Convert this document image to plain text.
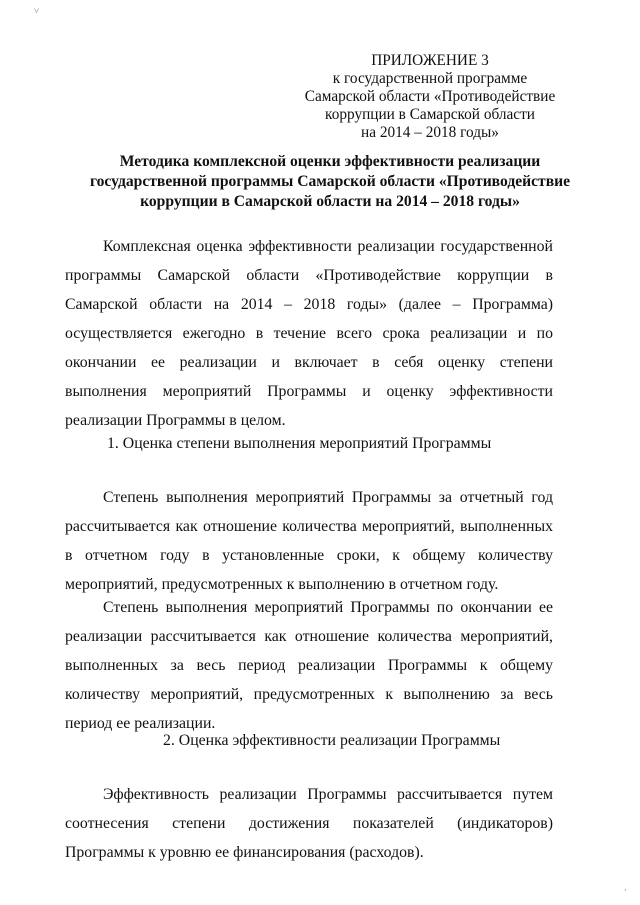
˅
ПРИЛОЖЕНИЕ 3
к государственной программе
Самарской области «Противодействие
коррупции в Самарской области
на 2014 – 2018 годы»
Методика комплексной оценки эффективности реализации
государственной программы Самарской области «Противодействие
коррупции в Самарской области на 2014 – 2018 годы»

Комплексная оценка эффективности реализации государственной программы Самарской области «Противодействие коррупции в Самарской области на 2014 – 2018 годы» (далее – Программа) осуществляется ежегодно в течение всего срока реализации и по окончании ее реализации и включает в себя оценку степени выполнения мероприятий Программы и оценку эффективности реализации Программы в целом.

1. Оценка степени выполнения мероприятий Программы

Степень выполнения мероприятий Программы за отчетный год рассчитывается как отношение количества мероприятий, выполненных в отчетном году в установленные сроки, к общему количеству мероприятий, предусмотренных к выполнению в отчетном году.

Степень выполнения мероприятий Программы по окончании ее реализации рассчитывается как отношение количества мероприятий, выполненных за весь период реализации Программы к общему количеству мероприятий, предусмотренных к выполнению за весь период ее реализации.

2. Оценка эффективности реализации Программы

Эффективность реализации Программы рассчитывается путем соотнесения степени достижения показателей (индикаторов) Программы к уровню ее финансирования (расходов).

·
